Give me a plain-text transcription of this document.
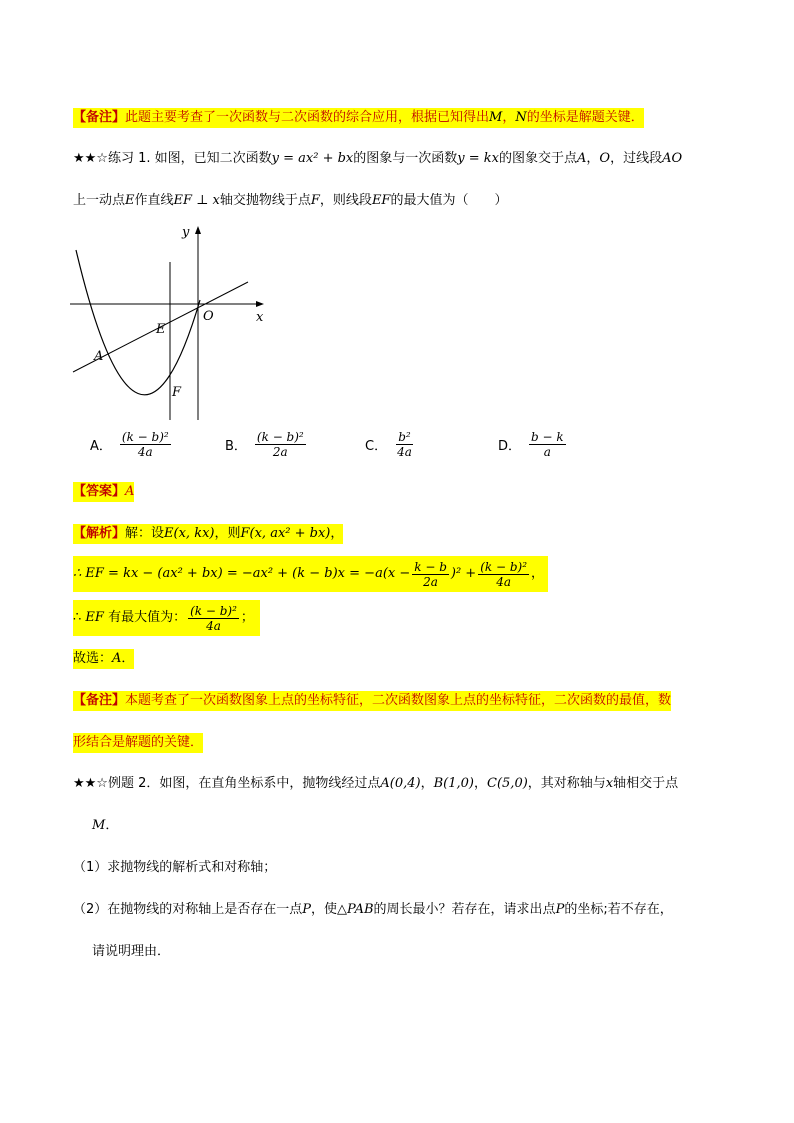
【备注】此题主要考查了一次函数与二次函数的综合应用，根据已知得出M，N的坐标是解题关键．
★★☆练习 1. 如图，已知二次函数y = ax² + bx的图象与一次函数y = kx的图象交于点A，O，过线段AO
上一动点E作直线EF ⊥ x轴交抛物线于点F，则线段EF的最大值为（　　）
y
x
O
E
A
F
A． $\frac{\text{(k − b)²}}{4a}$	B． $\frac{\text{(k − b)²}}{2a}$	C． $\frac{\text{b²}}{4a}$	D． $\frac{b - k}{a}$
【答案】A
【解析】解：设E(x, kx)，则F(x, ax² + bx)，
∴ EF = kx − $(ax^2 + bx) = -ax^2 + (k - b)x = -a(x - \frac{k - b}{2a} )^2 + \frac{\text{(k − b)²}}{4a}$ ，
∴
EF
有最大值为： $\frac{\text{(k − b)²}}{4a}$ ；
故选：A．
【备注】本题考查了一次函数图象上点的坐标特征，二次函数图象上点的坐标特征，二次函数的最值，数
形结合是解题的关键．
★★☆例题 2．如图，在直角坐标系中，抛物线经过点A(0,4)，B(1,0)，C(5,0)，其对称轴与x轴相交于点
M．
（1）求抛物线的解析式和对称轴；
（2）在抛物线的对称轴上是否存在一点P，使△PAB的周长最小？若存在，请求出点P的坐标;若不存在，
请说明理由．
